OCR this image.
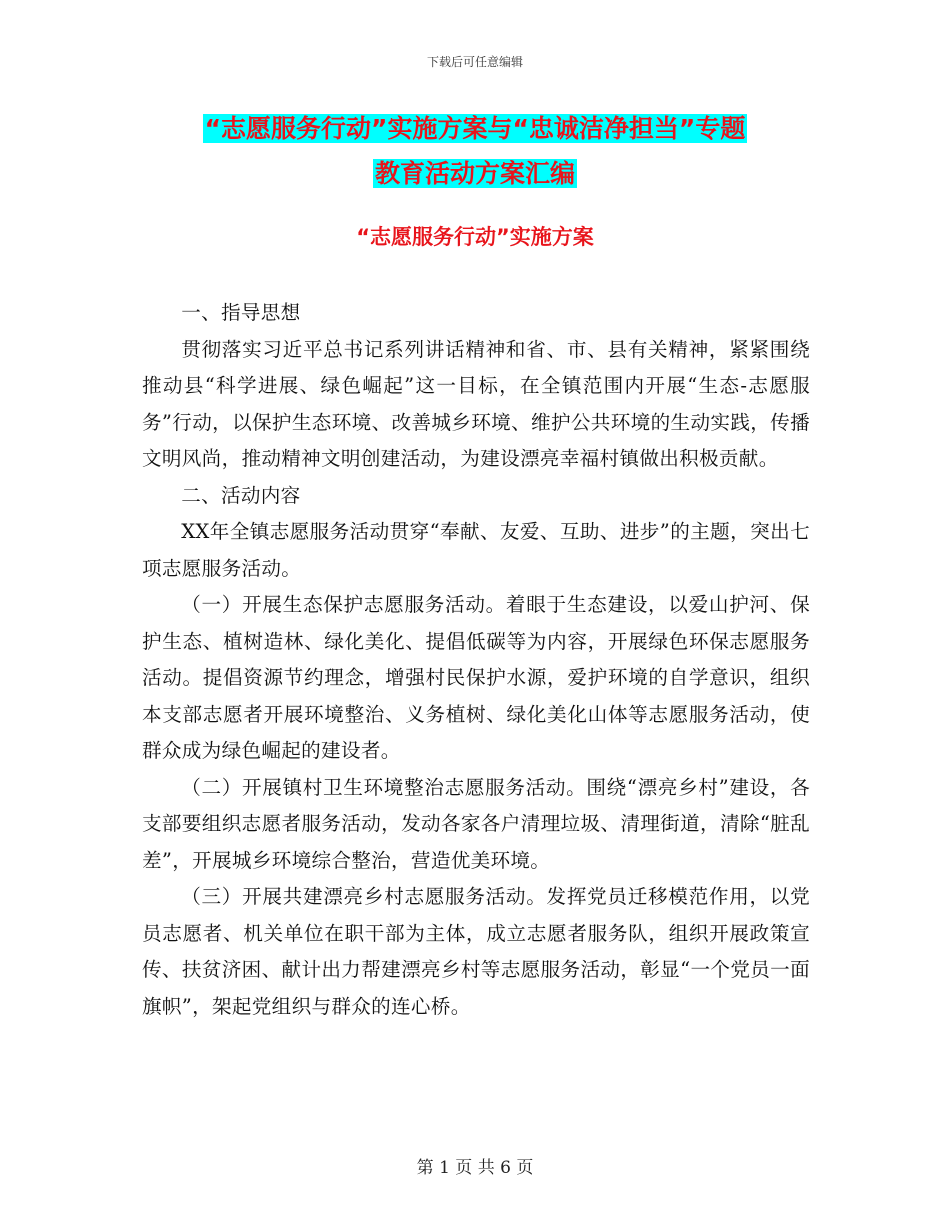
下载后可任意编辑
“志愿服务行动”实施方案与“忠诚洁净担当”专题
教育活动方案汇编
“志愿服务行动”实施方案

一、指导思想

贯彻落实习近平总书记系列讲话精神和省、市、县有关精神，紧紧围绕推动县“科学进展、绿色崛起”这一目标，在全镇范围内开展“生态-志愿服务”行动，以保护生态环境、改善城乡环境、维护公共环境的生动实践，传播文明风尚，推动精神文明创建活动，为建设漂亮幸福村镇做出积极贡献。

二、活动内容

XX年全镇志愿服务活动贯穿“奉献、友爱、互助、进步”的主题，突出七项志愿服务活动。

（一）开展生态保护志愿服务活动。着眼于生态建设，以爱山护河、保护生态、植树造林、绿化美化、提倡低碳等为内容，开展绿色环保志愿服务活动。提倡资源节约理念，增强村民保护水源，爱护环境的自学意识，组织本支部志愿者开展环境整治、义务植树、绿化美化山体等志愿服务活动，使群众成为绿色崛起的建设者。

（二）开展镇村卫生环境整治志愿服务活动。围绕“漂亮乡村”建设，各支部要组织志愿者服务活动，发动各家各户清理垃圾、清理街道，清除“脏乱差”，开展城乡环境综合整治，营造优美环境。

（三）开展共建漂亮乡村志愿服务活动。发挥党员迁移模范作用，以党员志愿者、机关单位在职干部为主体，成立志愿者服务队，组织开展政策宣传、扶贫济困、献计出力帮建漂亮乡村等志愿服务活动，彰显“一个党员一面旗帜”，架起党组织与群众的连心桥。

第 1 页 共 6 页
